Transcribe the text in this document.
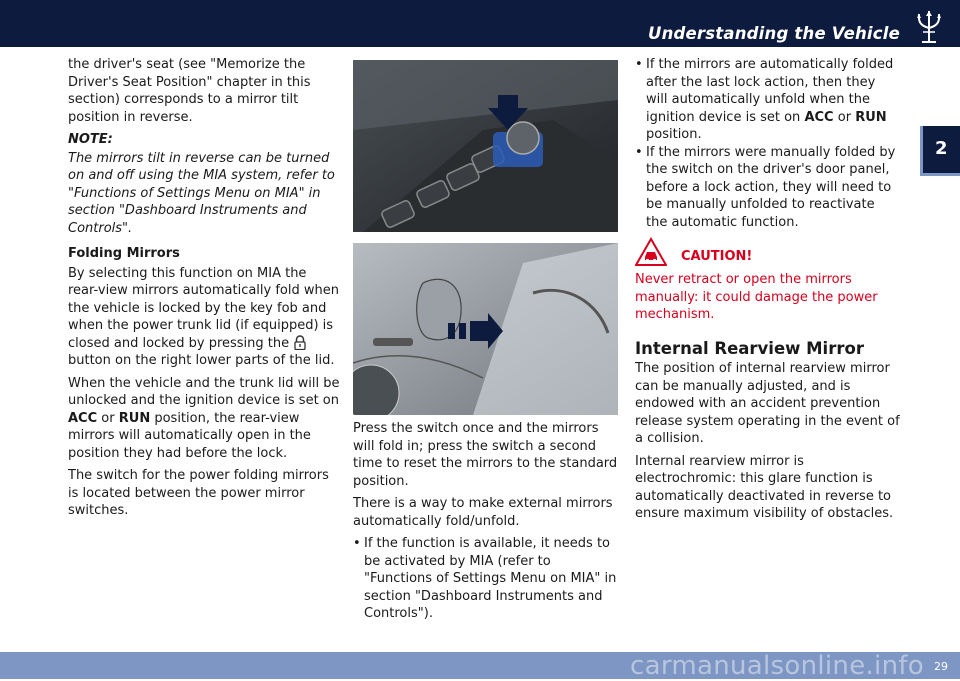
Understanding the Vehicle
2

the driver's seat (see "Memorize the Driver's Seat Position" chapter in this section) corresponds to a mirror tilt position in reverse.

NOTE:

The mirrors tilt in reverse can be turned on and off using the MIA system, refer to "Functions of Settings Menu on MIA" in section "Dashboard Instruments and Controls".

Folding Mirrors

By selecting this function on MIA the rear-view mirrors automatically fold when the vehicle is locked by the key fob and when the power trunk lid (if equipped) is closed and locked by pressing thebutton on the right lower parts of the lid.

When the vehicle and the trunk lid will be unlocked and the ignition device is set on ACC or RUN position, the rear-view mirrors will automatically open in the position they had before the lock.

The switch for the power folding mirrors is located between the power mirror switches.

Press the switch once and the mirrors will fold in; press the switch a second time to reset the mirrors to the standard position.

There is a way to make external mirrors automatically fold/unfold.

• If the function is available, it needs to be activated by MIA (refer to "Functions of Settings Menu on MIA" in section "Dashboard Instruments and Controls").
• If the mirrors are automatically folded after the last lock action, then they will automatically unfold when the ignition device is set on ACC or RUN position.
• If the mirrors were manually folded by the switch on the driver's door panel, before a lock action, they will need to be manually unfolded to reactivate the automatic function.
CAUTION!

Never retract or open the mirrors manually: it could damage the power mechanism.

Internal Rearview Mirror

The position of internal rearview mirror can be manually adjusted, and is endowed with an accident prevention release system operating in the event of a collision.

Internal rearview mirror is electrochromic: this glare function is automatically deactivated in reverse to ensure maximum visibility of obstacles.

29
carmanualsonline.info
